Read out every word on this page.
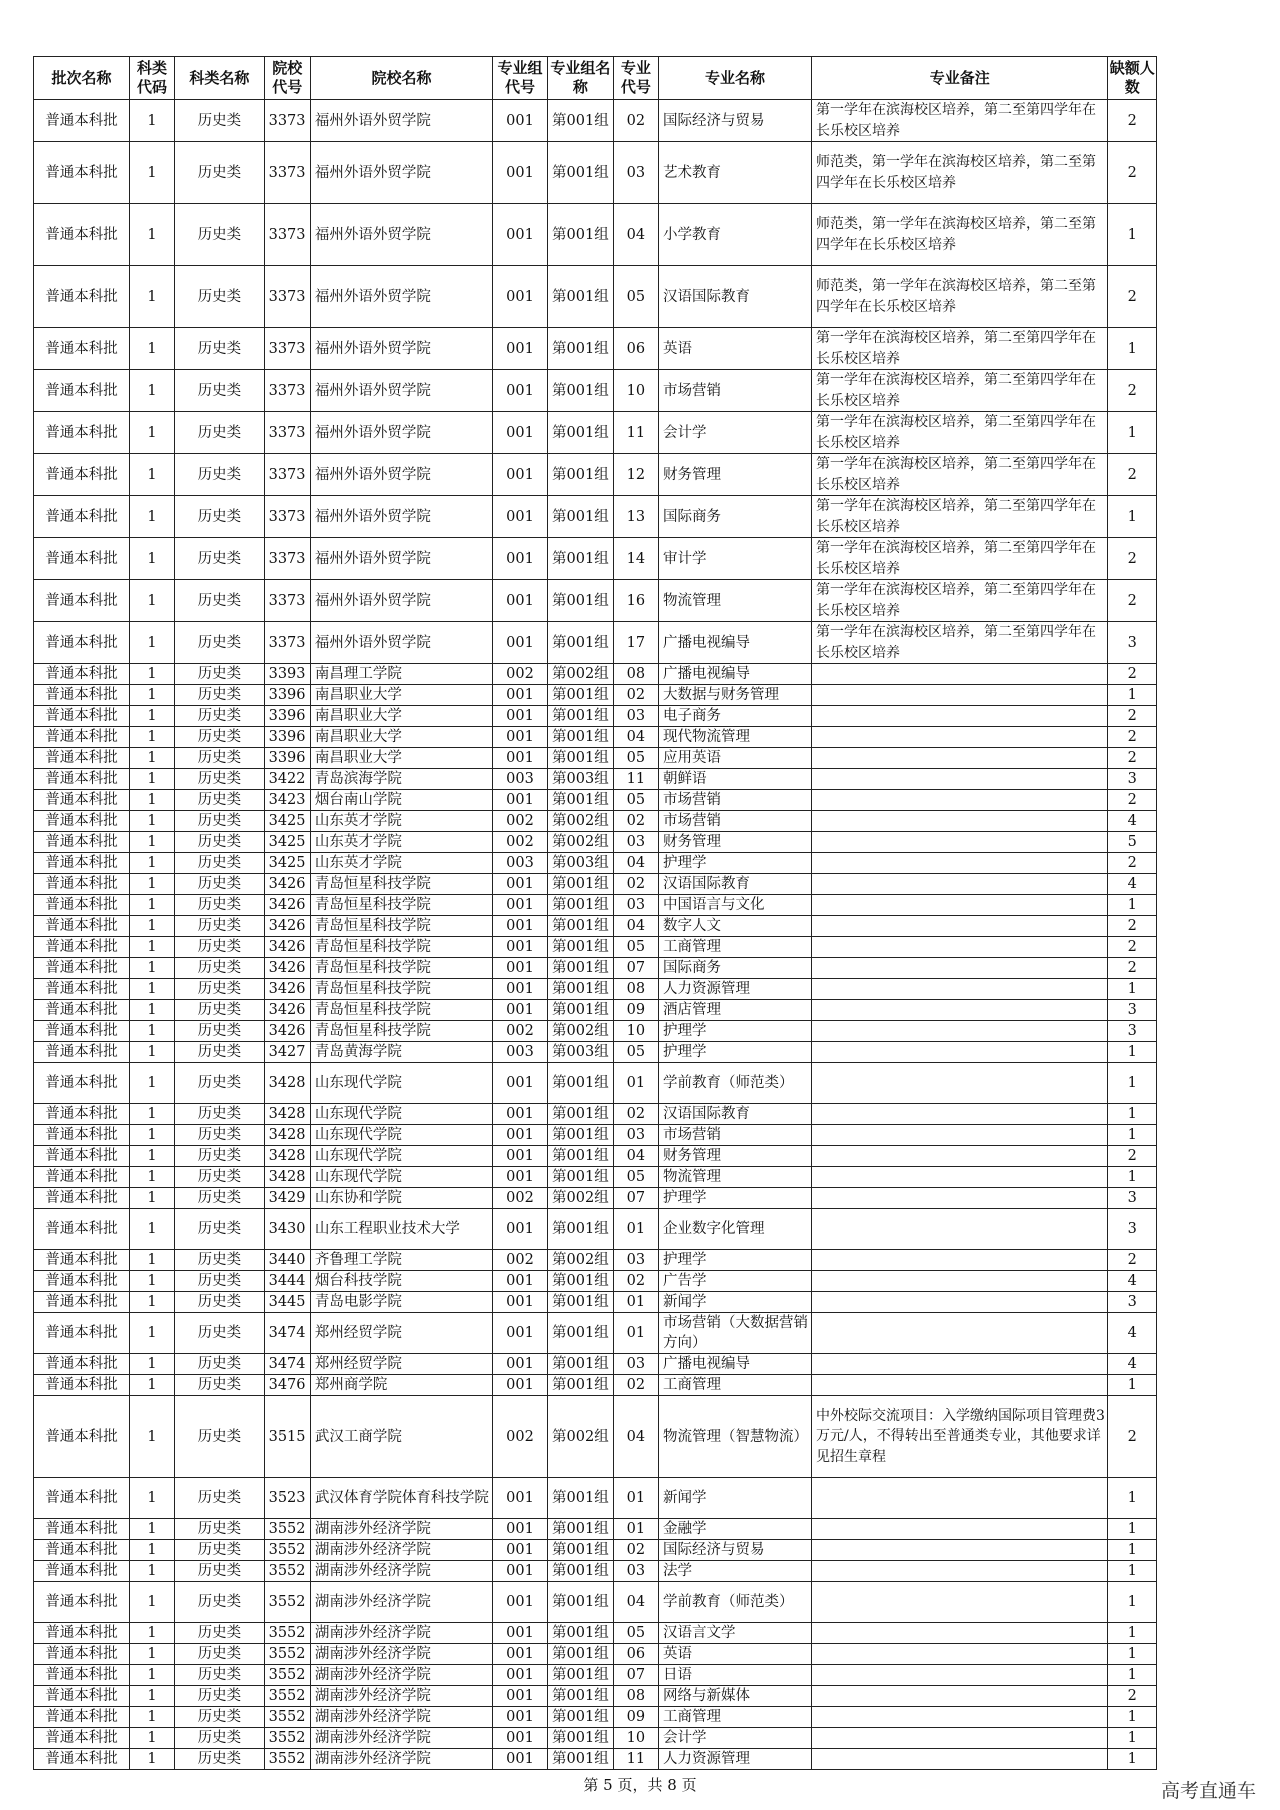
批次名称	科类代码	科类名称	院校代号	院校名称	专业组代号	专业组名称	专业代号	专业名称	专业备注	缺额人数
普通本科批	1	历史类	3373	福州外语外贸学院	001	第001组	02	国际经济与贸易	第一学年在滨海校区培养，第二至第四学年在长乐校区培养	2
普通本科批	1	历史类	3373	福州外语外贸学院	001	第001组	03	艺术教育	师范类，第一学年在滨海校区培养，第二至第四学年在长乐校区培养	2
普通本科批	1	历史类	3373	福州外语外贸学院	001	第001组	04	小学教育	师范类，第一学年在滨海校区培养，第二至第四学年在长乐校区培养	1
普通本科批	1	历史类	3373	福州外语外贸学院	001	第001组	05	汉语国际教育	师范类，第一学年在滨海校区培养，第二至第四学年在长乐校区培养	2
普通本科批	1	历史类	3373	福州外语外贸学院	001	第001组	06	英语	第一学年在滨海校区培养，第二至第四学年在长乐校区培养	1
普通本科批	1	历史类	3373	福州外语外贸学院	001	第001组	10	市场营销	第一学年在滨海校区培养，第二至第四学年在长乐校区培养	2
普通本科批	1	历史类	3373	福州外语外贸学院	001	第001组	11	会计学	第一学年在滨海校区培养，第二至第四学年在长乐校区培养	1
普通本科批	1	历史类	3373	福州外语外贸学院	001	第001组	12	财务管理	第一学年在滨海校区培养，第二至第四学年在长乐校区培养	2
普通本科批	1	历史类	3373	福州外语外贸学院	001	第001组	13	国际商务	第一学年在滨海校区培养，第二至第四学年在长乐校区培养	1
普通本科批	1	历史类	3373	福州外语外贸学院	001	第001组	14	审计学	第一学年在滨海校区培养，第二至第四学年在长乐校区培养	2
普通本科批	1	历史类	3373	福州外语外贸学院	001	第001组	16	物流管理	第一学年在滨海校区培养，第二至第四学年在长乐校区培养	2
普通本科批	1	历史类	3373	福州外语外贸学院	001	第001组	17	广播电视编导	第一学年在滨海校区培养，第二至第四学年在长乐校区培养	3
普通本科批	1	历史类	3393	南昌理工学院	002	第002组	08	广播电视编导		2
普通本科批	1	历史类	3396	南昌职业大学	001	第001组	02	大数据与财务管理		1
普通本科批	1	历史类	3396	南昌职业大学	001	第001组	03	电子商务		2
普通本科批	1	历史类	3396	南昌职业大学	001	第001组	04	现代物流管理		2
普通本科批	1	历史类	3396	南昌职业大学	001	第001组	05	应用英语		2
普通本科批	1	历史类	3422	青岛滨海学院	003	第003组	11	朝鲜语		3
普通本科批	1	历史类	3423	烟台南山学院	001	第001组	05	市场营销		2
普通本科批	1	历史类	3425	山东英才学院	002	第002组	02	市场营销		4
普通本科批	1	历史类	3425	山东英才学院	002	第002组	03	财务管理		5
普通本科批	1	历史类	3425	山东英才学院	003	第003组	04	护理学		2
普通本科批	1	历史类	3426	青岛恒星科技学院	001	第001组	02	汉语国际教育		4
普通本科批	1	历史类	3426	青岛恒星科技学院	001	第001组	03	中国语言与文化		1
普通本科批	1	历史类	3426	青岛恒星科技学院	001	第001组	04	数字人文		2
普通本科批	1	历史类	3426	青岛恒星科技学院	001	第001组	05	工商管理		2
普通本科批	1	历史类	3426	青岛恒星科技学院	001	第001组	07	国际商务		2
普通本科批	1	历史类	3426	青岛恒星科技学院	001	第001组	08	人力资源管理		1
普通本科批	1	历史类	3426	青岛恒星科技学院	001	第001组	09	酒店管理		3
普通本科批	1	历史类	3426	青岛恒星科技学院	002	第002组	10	护理学		3
普通本科批	1	历史类	3427	青岛黄海学院	003	第003组	05	护理学		1
普通本科批	1	历史类	3428	山东现代学院	001	第001组	01	学前教育（师范类）		1
普通本科批	1	历史类	3428	山东现代学院	001	第001组	02	汉语国际教育		1
普通本科批	1	历史类	3428	山东现代学院	001	第001组	03	市场营销		1
普通本科批	1	历史类	3428	山东现代学院	001	第001组	04	财务管理		2
普通本科批	1	历史类	3428	山东现代学院	001	第001组	05	物流管理		1
普通本科批	1	历史类	3429	山东协和学院	002	第002组	07	护理学		3
普通本科批	1	历史类	3430	山东工程职业技术大学	001	第001组	01	企业数字化管理		3
普通本科批	1	历史类	3440	齐鲁理工学院	002	第002组	03	护理学		2
普通本科批	1	历史类	3444	烟台科技学院	001	第001组	02	广告学		4
普通本科批	1	历史类	3445	青岛电影学院	001	第001组	01	新闻学		3
普通本科批	1	历史类	3474	郑州经贸学院	001	第001组	01	市场营销（大数据营销方向）		4
普通本科批	1	历史类	3474	郑州经贸学院	001	第001组	03	广播电视编导		4
普通本科批	1	历史类	3476	郑州商学院	001	第001组	02	工商管理		1
普通本科批	1	历史类	3515	武汉工商学院	002	第002组	04	物流管理（智慧物流）	中外校际交流项目：入学缴纳国际项目管理费3万元/人，不得转出至普通类专业，其他要求详见招生章程	2
普通本科批	1	历史类	3523	武汉体育学院体育科技学院	001	第001组	01	新闻学		1
普通本科批	1	历史类	3552	湖南涉外经济学院	001	第001组	01	金融学		1
普通本科批	1	历史类	3552	湖南涉外经济学院	001	第001组	02	国际经济与贸易		1
普通本科批	1	历史类	3552	湖南涉外经济学院	001	第001组	03	法学		1
普通本科批	1	历史类	3552	湖南涉外经济学院	001	第001组	04	学前教育（师范类）		1
普通本科批	1	历史类	3552	湖南涉外经济学院	001	第001组	05	汉语言文学		1
普通本科批	1	历史类	3552	湖南涉外经济学院	001	第001组	06	英语		1
普通本科批	1	历史类	3552	湖南涉外经济学院	001	第001组	07	日语		1
普通本科批	1	历史类	3552	湖南涉外经济学院	001	第001组	08	网络与新媒体		2
普通本科批	1	历史类	3552	湖南涉外经济学院	001	第001组	09	工商管理		1
普通本科批	1	历史类	3552	湖南涉外经济学院	001	第001组	10	会计学		1
普通本科批	1	历史类	3552	湖南涉外经济学院	001	第001组	11	人力资源管理		1
第 5 页，共 8 页	高考直通车
